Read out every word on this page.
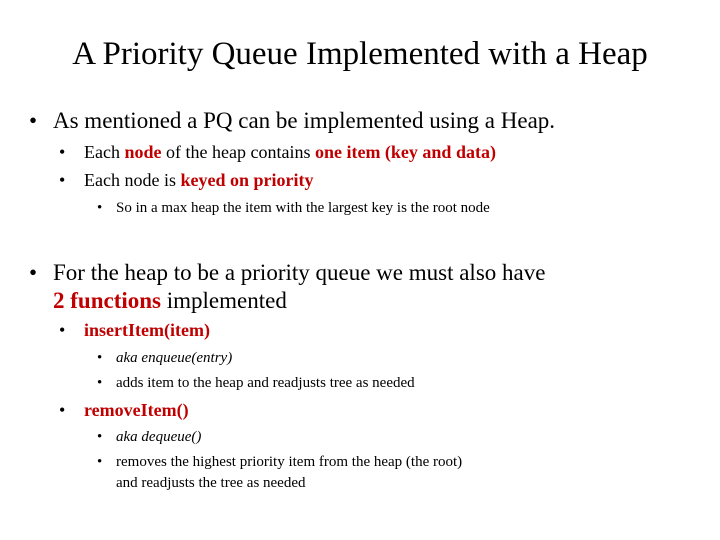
A Priority Queue Implemented with a Heap
• As mentioned a PQ can be implemented using a Heap.
• Each node of the heap contains one item (key and data)
• Each node is keyed on priority
• So in a max heap the item with the largest key is the root node
• For the heap to be a priority queue we must also have
2 functions implemented
• insertItem(item)
• aka enqueue(entry)
• adds item to the heap and readjusts tree as needed
• removeItem()
• aka dequeue()
• removes the highest priority item from the heap (the root)
and readjusts the tree as needed
